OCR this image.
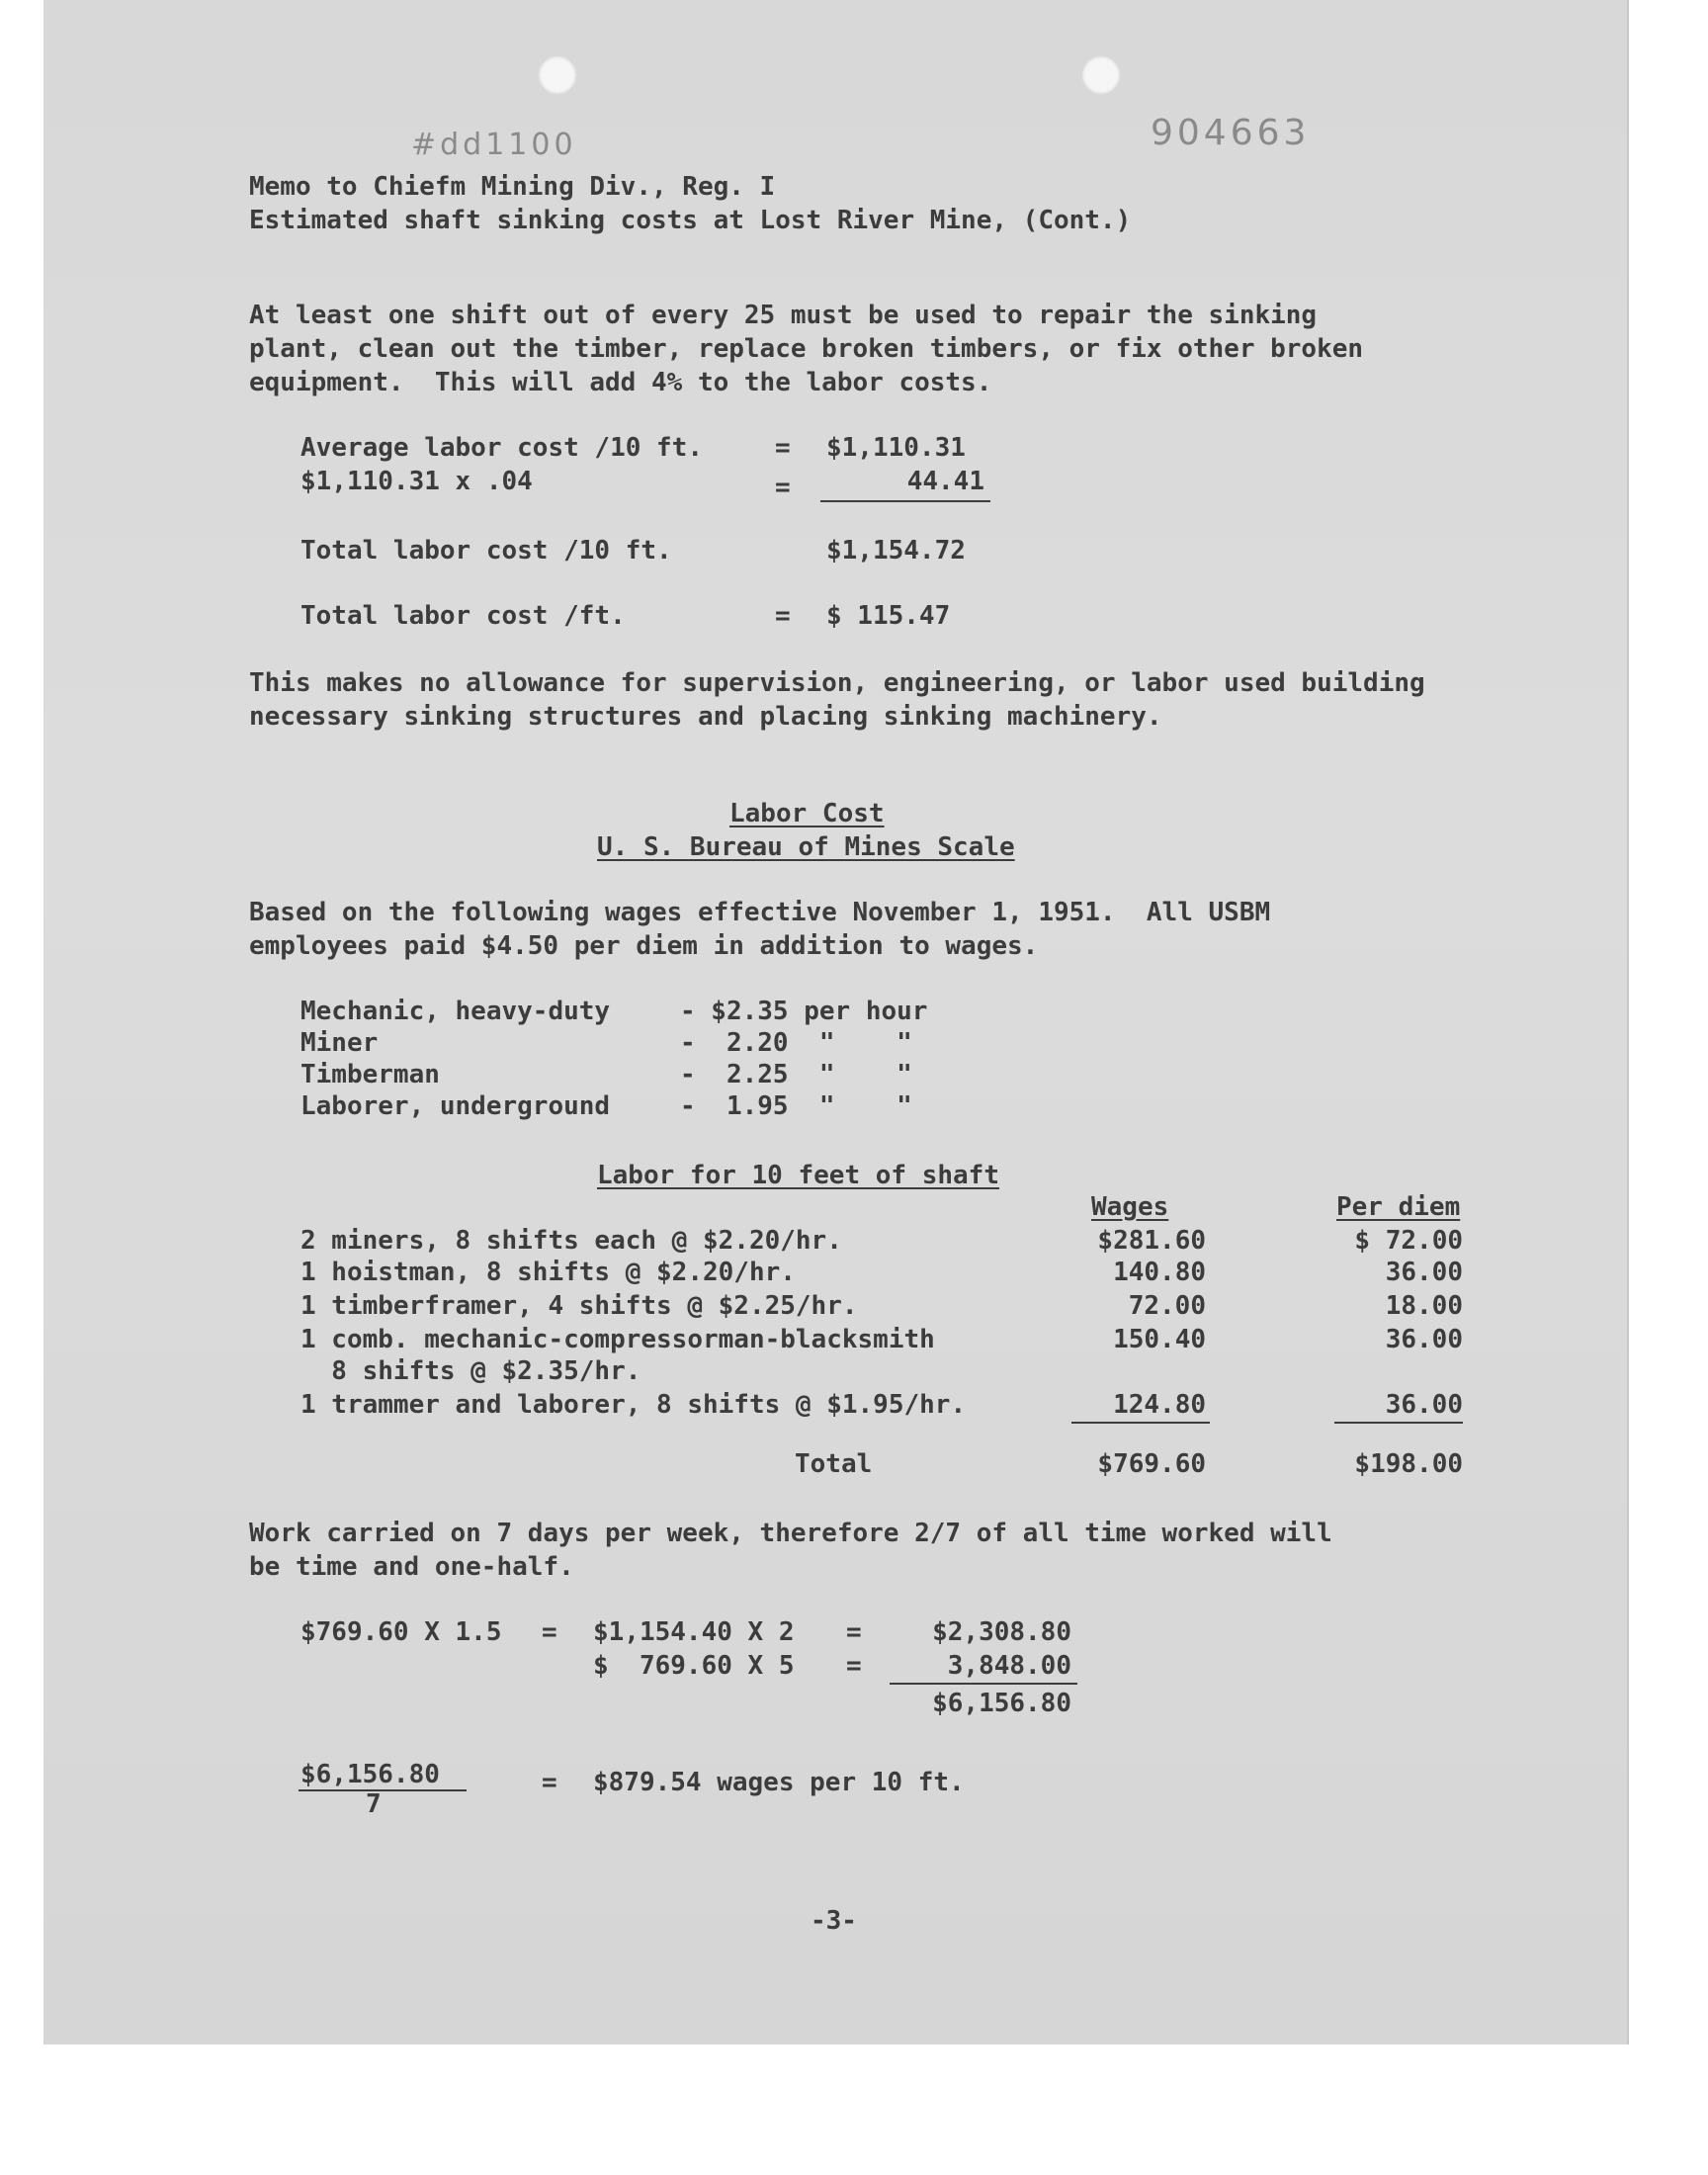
#dd1100	904663
Memo to Chiefm Mining Div., Reg. I
Estimated shaft sinking costs at Lost River Mine, (Cont.)
At least one shift out of every 25 must be used to repair the sinking
plant, clean out the timber, replace broken timbers, or fix other broken
equipment.  This will add 4% to the labor costs.
Average labor cost /10 ft.	= $1,110.31
$1,110.31 x .04	=	44.41
Total labor cost /10 ft.	$1,154.72
Total labor cost /ft.	= $ 115.47
This makes no allowance for supervision, engineering, or labor used building
necessary sinking structures and placing sinking machinery.
Labor Cost
U. S. Bureau of Mines Scale
Based on the following wages effective November 1, 1951.  All USBM
employees paid $4.50 per diem in addition to wages.
Mechanic, heavy-duty	- $2.35 per hour
Miner	-  2.20  "    "
Timberman	-  2.25  "    "
Laborer, underground	-  1.95  "    "
Labor for 10 feet of shaft
Wages	Per diem
2 miners, 8 shifts each @ $2.20/hr.	$281.60	$ 72.00
1 hoistman, 8 shifts @ $2.20/hr.	140.80	36.00
1 timberframer, 4 shifts @ $2.25/hr.	72.00	18.00
1 comb. mechanic-compressorman-blacksmith	150.40	36.00
8 shifts @ $2.35/hr.
1 trammer and laborer, 8 shifts @ $1.95/hr.	124.80	36.00
Total	$769.60	$198.00
Work carried on 7 days per week, therefore 2/7 of all time worked will
be time and one-half.
$769.60 X 1.5 = $1,154.40 X 2 =	$2,308.80
$  769.60 X 5 =	3,848.00
$6,156.80
$6,156.80
7
= $879.54 wages per 10 ft.
-3-
